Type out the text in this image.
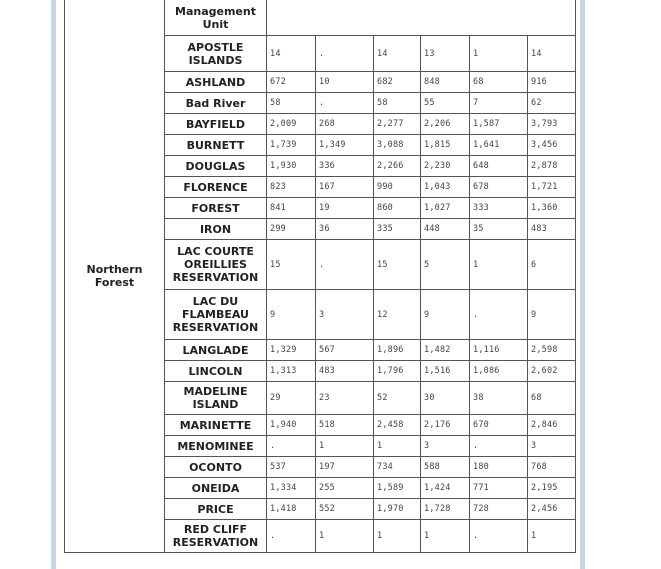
Northern Forest	Management Unit						
	APOSTLE ISLANDS	14	.	14	13	1	14
	ASHLAND	672	10	682	848	68	916
	Bad River	58	.	58	55	7	62
	BAYFIELD	2,009	268	2,277	2,206	1,587	3,793
	BURNETT	1,739	1,349	3,088	1,815	1,641	3,456
	DOUGLAS	1,930	336	2,266	2,230	648	2,878
	FLORENCE	823	167	990	1,043	678	1,721
	FOREST	841	19	860	1,027	333	1,360
	IRON	299	36	335	448	35	483
	LAC COURTE OREILLIES RESERVATION	15	.	15	5	1	6
	LAC DU FLAMBEAU RESERVATION	9	3	12	9	.	9
	LANGLADE	1,329	567	1,896	1,482	1,116	2,598
	LINCOLN	1,313	483	1,796	1,516	1,086	2,602
	MADELINE ISLAND	29	23	52	30	38	68
	MARINETTE	1,940	518	2,458	2,176	670	2,846
	MENOMINEE	.	1	1	3	.	3
	OCONTO	537	197	734	588	180	768
	ONEIDA	1,334	255	1,589	1,424	771	2,195
	PRICE	1,418	552	1,970	1,728	728	2,456
	RED CLIFF RESERVATION	.	1	1	1	.	1
